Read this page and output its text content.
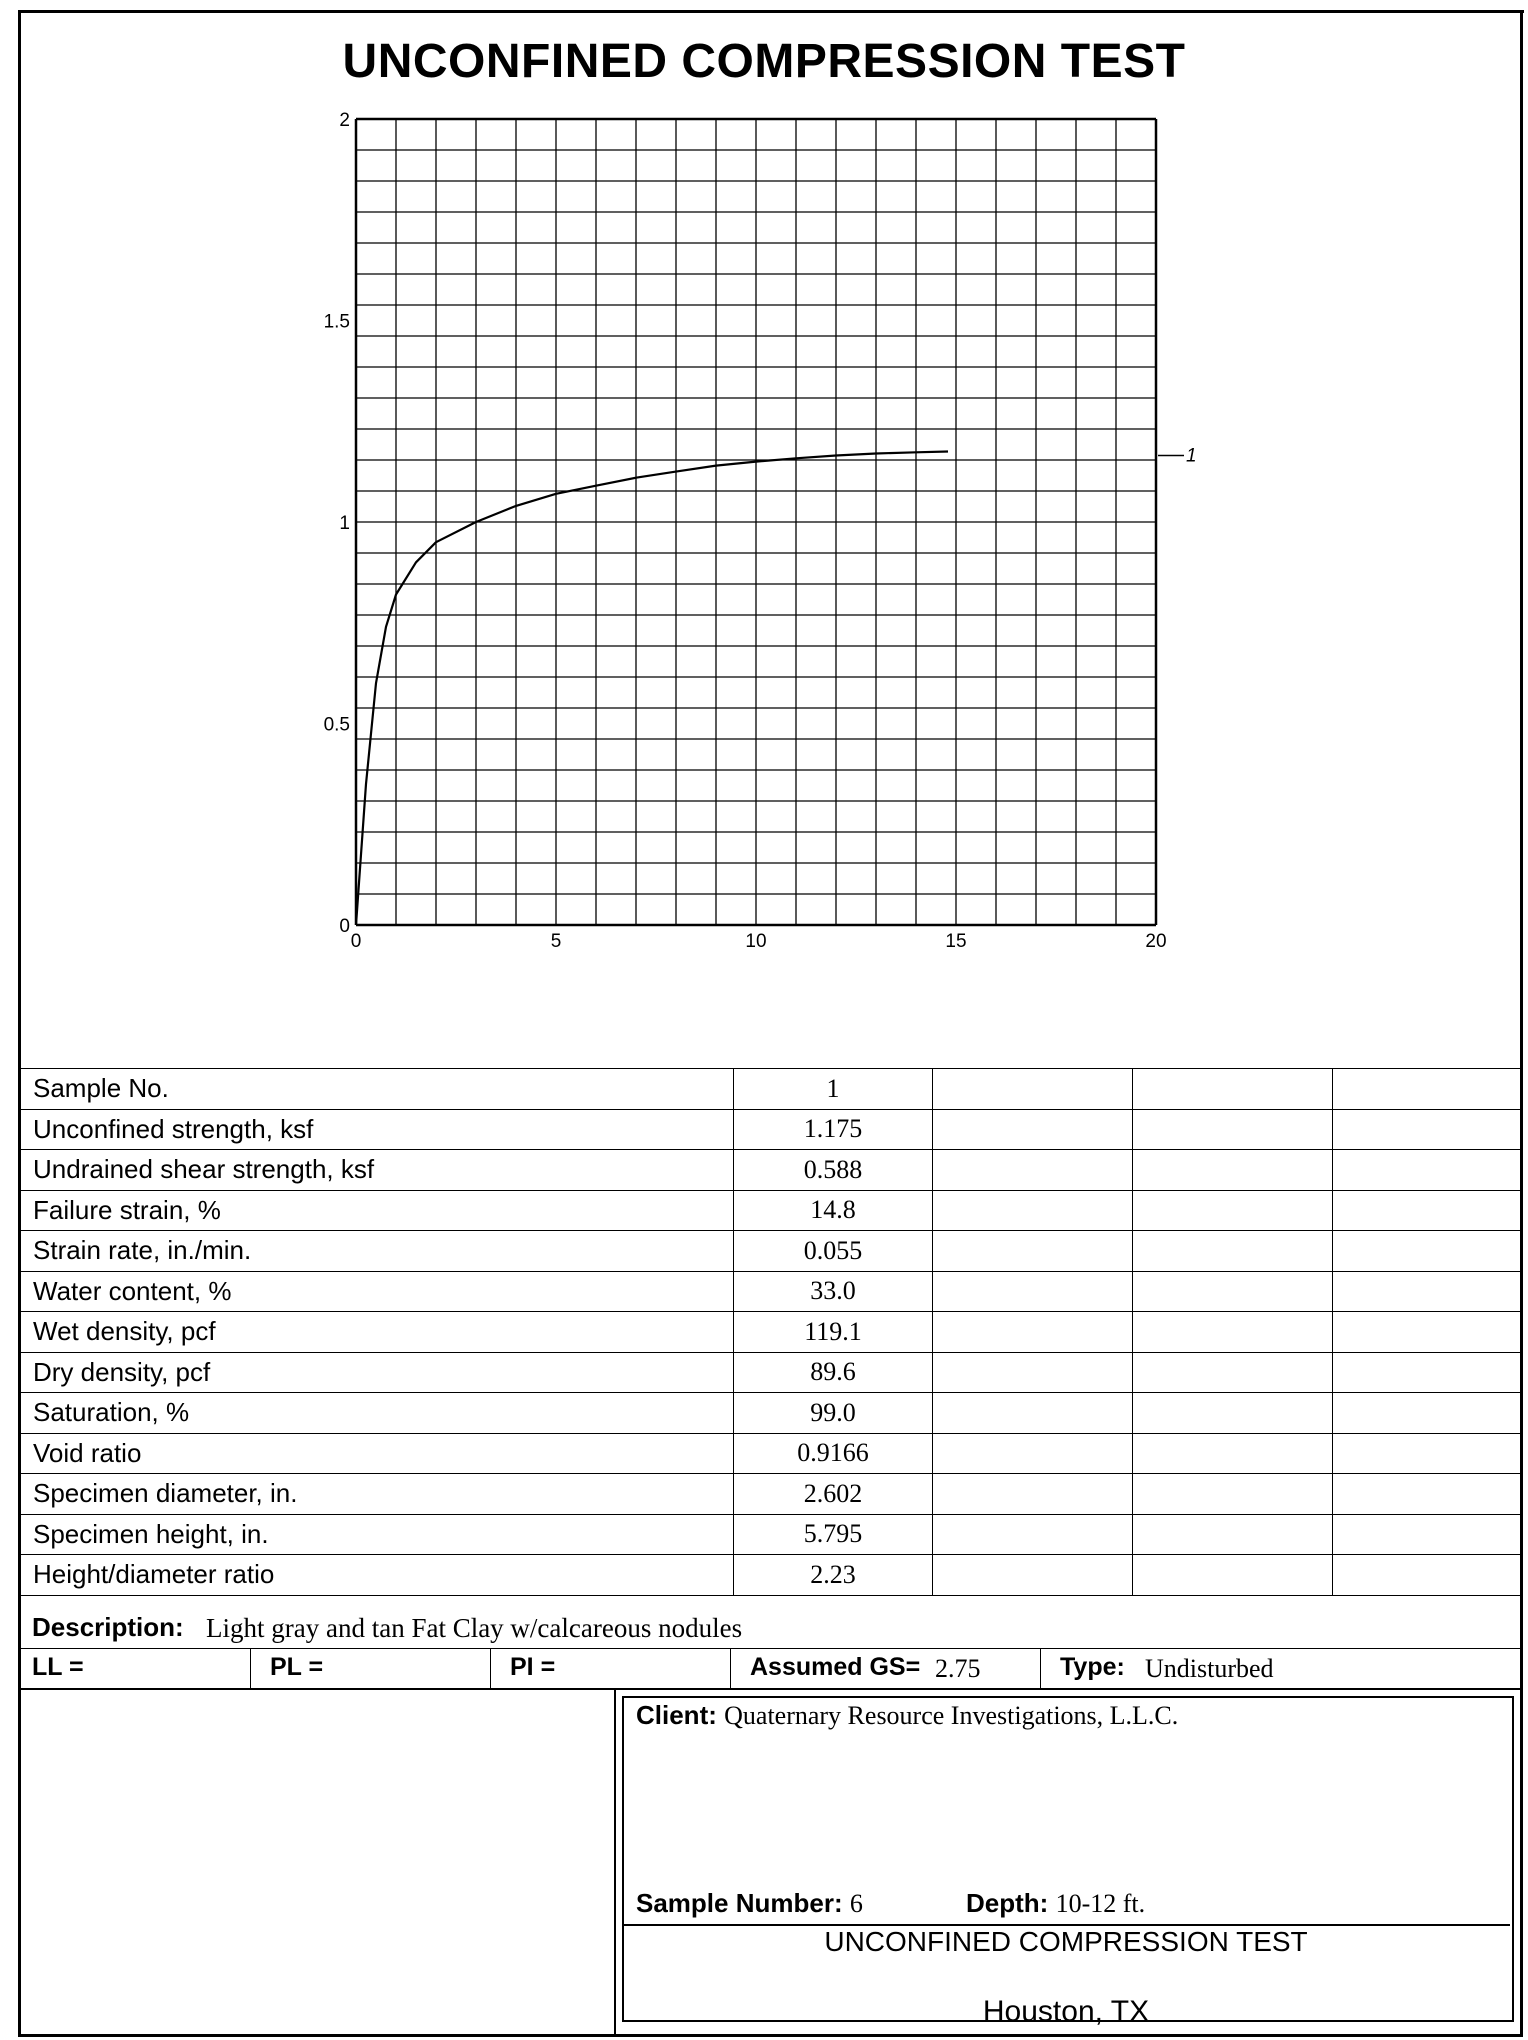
UNCONFINED COMPRESSION TEST
0
0.5
1
1.5
2
0	5	10	15	20
1
Sample No.	1			
Unconfined strength, ksf	1.175			
Undrained shear strength, ksf	0.588			
Failure strain, %	14.8			
Strain rate, in./min.	0.055			
Water content, %	33.0			
Wet density, pcf	119.1			
Dry density, pcf	89.6			
Saturation, %	99.0			
Void ratio	0.9166			
Specimen diameter, in.	2.602			
Specimen height, in.	5.795			
Height/diameter ratio	2.23			
Description: Light gray and tan Fat Clay w/calcareous nodules
LL =	PL =	PI =	Assumed GS= 2.75	Type: Undisturbed
Client: Quaternary Resource Investigations, L.L.C.
Sample Number: 6	Depth: 10-12 ft.
UNCONFINED COMPRESSION TEST
Houston, TX
